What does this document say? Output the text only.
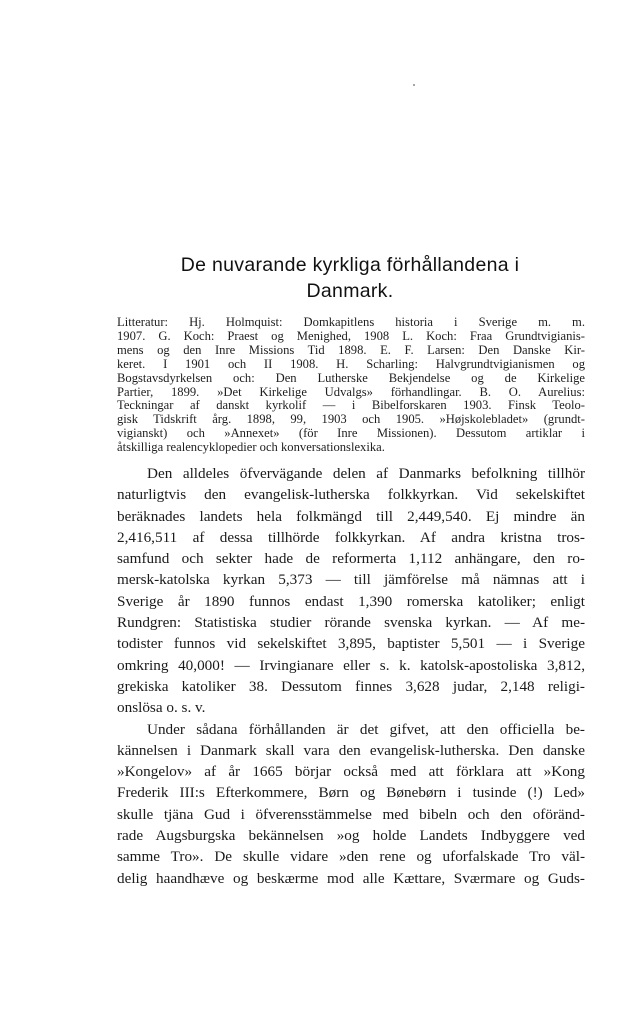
De nuvarande kyrkliga förhållandena i
Danmark.
Litteratur: Hj. Holmquist: Domkapitlens historia i Sverige m. m.
1907. G. Koch: Praest og Menighed, 1908 L. Koch: Fraa Grundtvigianis-
mens og den Inre Missions Tid 1898. E. F. Larsen: Den Danske Kir-
keret. I 1901 och II 1908. H. Scharling: Halvgrundtvigianismen og
Bogstavsdyrkelsen och: Den Lutherske Bekjendelse og de Kirkelige
Partier, 1899. »Det Kirkelige Udvalgs» förhandlingar. B. O. Aurelius:
Teckningar af danskt kyrkolif — i Bibelforskaren 1903. Finsk Teolo-
gisk Tidskrift årg. 1898, 99, 1903 och 1905. »Højskolebladet» (grundt-
vigianskt) och »Annexet» (för Inre Missionen). Dessutom artiklar i
åtskilliga realencyklopedier och konversationslexika.
Den alldeles öfvervägande delen af Danmarks befolkning tillhör
naturligtvis den evangelisk-lutherska folkkyrkan. Vid sekelskiftet
beräknades landets hela folkmängd till 2,449,540. Ej mindre än
2,416,511 af dessa tillhörde folkkyrkan. Af andra kristna tros-
samfund och sekter hade de reformerta 1,112 anhängare, den ro-
mersk-katolska kyrkan 5,373 — till jämförelse må nämnas att i
Sverige år 1890 funnos endast 1,390 romerska katoliker; enligt
Rundgren: Statistiska studier rörande svenska kyrkan. — Af me-
todister funnos vid sekelskiftet 3,895, baptister 5,501 — i Sverige
omkring 40,000! — Irvingianare eller s. k. katolsk-apostoliska 3,812,
grekiska katoliker 38. Dessutom finnes 3,628 judar, 2,148 religi-
onslösa o. s. v.
Under sådana förhållanden är det gifvet, att den officiella be-
kännelsen i Danmark skall vara den evangelisk-lutherska. Den danske
»Kongelov» af år 1665 börjar också med att förklara att »Kong
Frederik III:s Efterkommere, Børn og Bønebørn i tusinde (!) Led»
skulle tjäna Gud i öfverensstämmelse med bibeln och den oföränd-
rade Augsburgska bekännelsen »og holde Landets Indbyggere ved
samme Tro». De skulle vidare »den rene og uforfalskade Tro väl-
delig haandhæve og beskærme mod alle Kættare, Sværmare og Guds-
